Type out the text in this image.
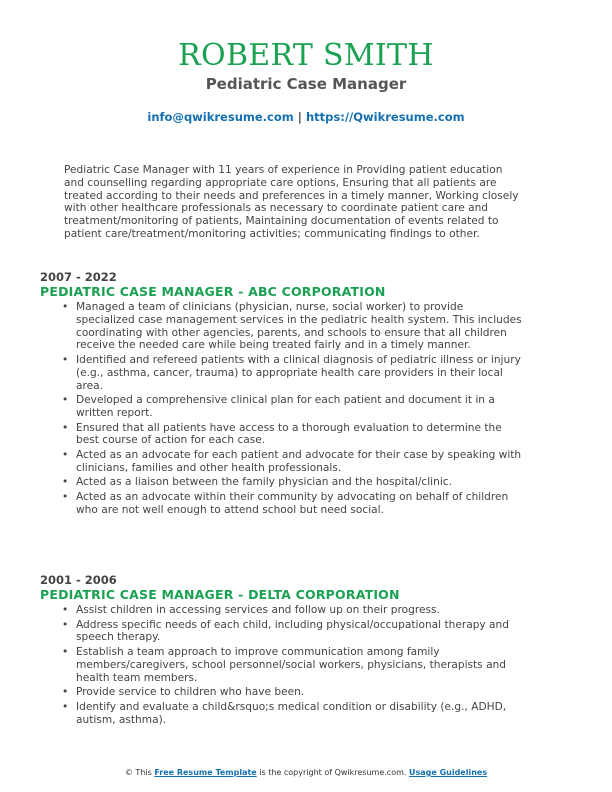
ROBERT SMITH
Pediatric Case Manager
info@qwikresume.com | https://Qwikresume.com
Pediatric Case Manager with 11 years of experience in Providing patient education and counselling regarding appropriate care options, Ensuring that all patients are treated according to their needs and preferences in a timely manner, Working closely with other healthcare professionals as necessary to coordinate patient care and treatment/monitoring of patients, Maintaining documentation of events related to patient care/treatment/monitoring activities; communicating findings to other.
2007 - 2022
PEDIATRIC CASE MANAGER - ABC CORPORATION
• Managed a team of clinicians (physician, nurse, social worker) to provide specialized case management services in the pediatric health system. This includes coordinating with other agencies, parents, and schools to ensure that all children receive the needed care while being treated fairly and in a timely manner.
• Identified and refereed patients with a clinical diagnosis of pediatric illness or injury (e.g., asthma, cancer, trauma) to appropriate health care providers in their local area.
• Developed a comprehensive clinical plan for each patient and document it in a written report.
• Ensured that all patients have access to a thorough evaluation to determine the best course of action for each case.
• Acted as an advocate for each patient and advocate for their case by speaking with clinicians, families and other health professionals.
• Acted as a liaison between the family physician and the hospital/clinic.
• Acted as an advocate within their community by advocating on behalf of children who are not well enough to attend school but need social.
2001 - 2006
PEDIATRIC CASE MANAGER - DELTA CORPORATION
• Assist children in accessing services and follow up on their progress.
• Address specific needs of each child, including physical/occupational therapy and speech therapy.
• Establish a team approach to improve communication among family members/caregivers, school personnel/social workers, physicians, therapists and health team members.
• Provide service to children who have been.
• Identify and evaluate a child&rsquo;s medical condition or disability (e.g., ADHD, autism, asthma).
© This Free Resume Template is the copyright of Qwikresume.com. Usage Guidelines
